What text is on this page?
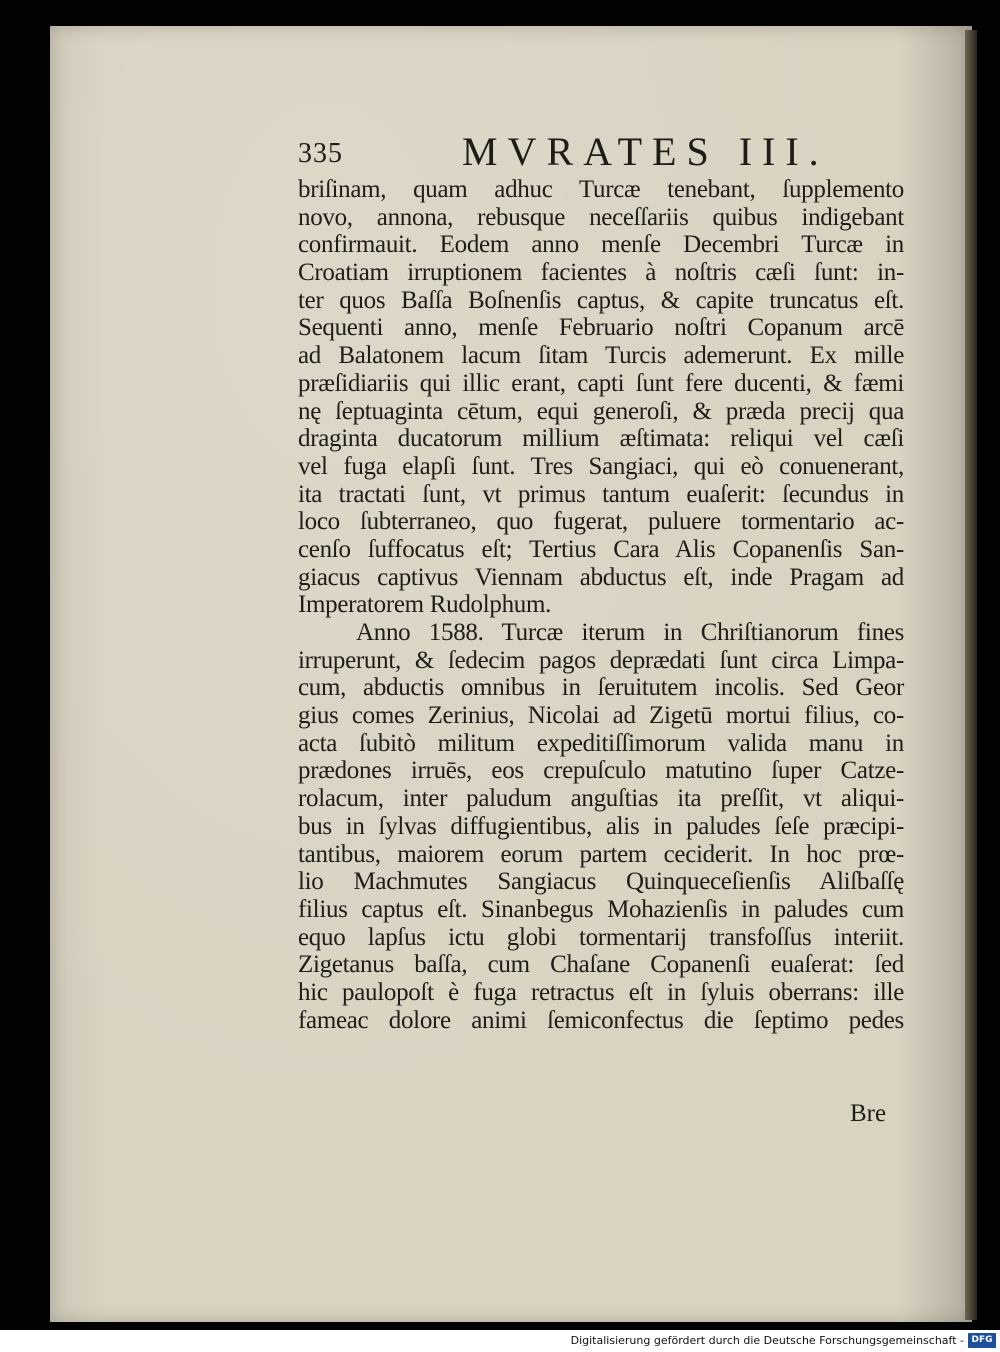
335	MVRATES III.
briſinam, quam adhuc Turcæ tenebant, ſupplemento
novo, annona, rebusque neceſſariis quibus indigebant
confirmauit. Eodem anno menſe Decembri Turcæ in
Croatiam irruptionem facientes à noſtris cæſi ſunt: in-
ter quos Baſſa Boſnenſis captus, & capite truncatus eſt.
Sequenti anno, menſe Februario noſtri Copanum arcē
ad Balatonem lacum ſitam Turcis ademerunt. Ex mille
præſidiariis qui illic erant, capti ſunt fere ducenti, & fæmi
nę ſeptuaginta cētum, equi generoſi, & præda precij qua
draginta ducatorum millium æſtimata: reliqui vel cæſi
vel fuga elapſi ſunt. Tres Sangiaci, qui eò conuenerant,
ita tractati ſunt, vt primus tantum euaſerit: ſecundus in
loco ſubterraneo, quo fugerat, puluere tormentario ac-
cenſo ſuffocatus eſt; Tertius Cara Alis Copanenſis San-
giacus captivus Viennam abductus eſt, inde Pragam ad
Imperatorem Rudolphum.
Anno 1588. Turcæ iterum in Chriſtianorum fines
irruperunt, & ſedecim pagos deprædati ſunt circa Limpa-
cum, abductis omnibus in ſeruitutem incolis. Sed Geor
gius comes Zerinius, Nicolai ad Zigetū mortui filius, co-
acta ſubitò militum expeditiſſimorum valida manu in
prædones irruēs, eos crepuſculo matutino ſuper Catze-
rolacum, inter paludum anguſtias ita preſſit, vt aliqui-
bus in ſylvas diffugientibus, alis in paludes ſeſe præcipi-
tantibus, maiorem eorum partem ceciderit. In hoc prœ-
lio Machmutes Sangiacus Quinqueceſienſis Aliſbaſſę
filius captus eſt. Sinanbegus Mohazienſis in paludes cum
equo lapſus ictu globi tormentarij transfoſſus interiit.
Zigetanus baſſa, cum Chaſane Copanenſi euaſerat: ſed
hic paulopoſt è fuga retractus eſt in ſyluis oberrans: ille
fameac dolore animi ſemiconfectus die ſeptimo pedes
Bre
Digitalisierung gefördert durch die Deutsche Forschungsgemeinschaft - DFG
